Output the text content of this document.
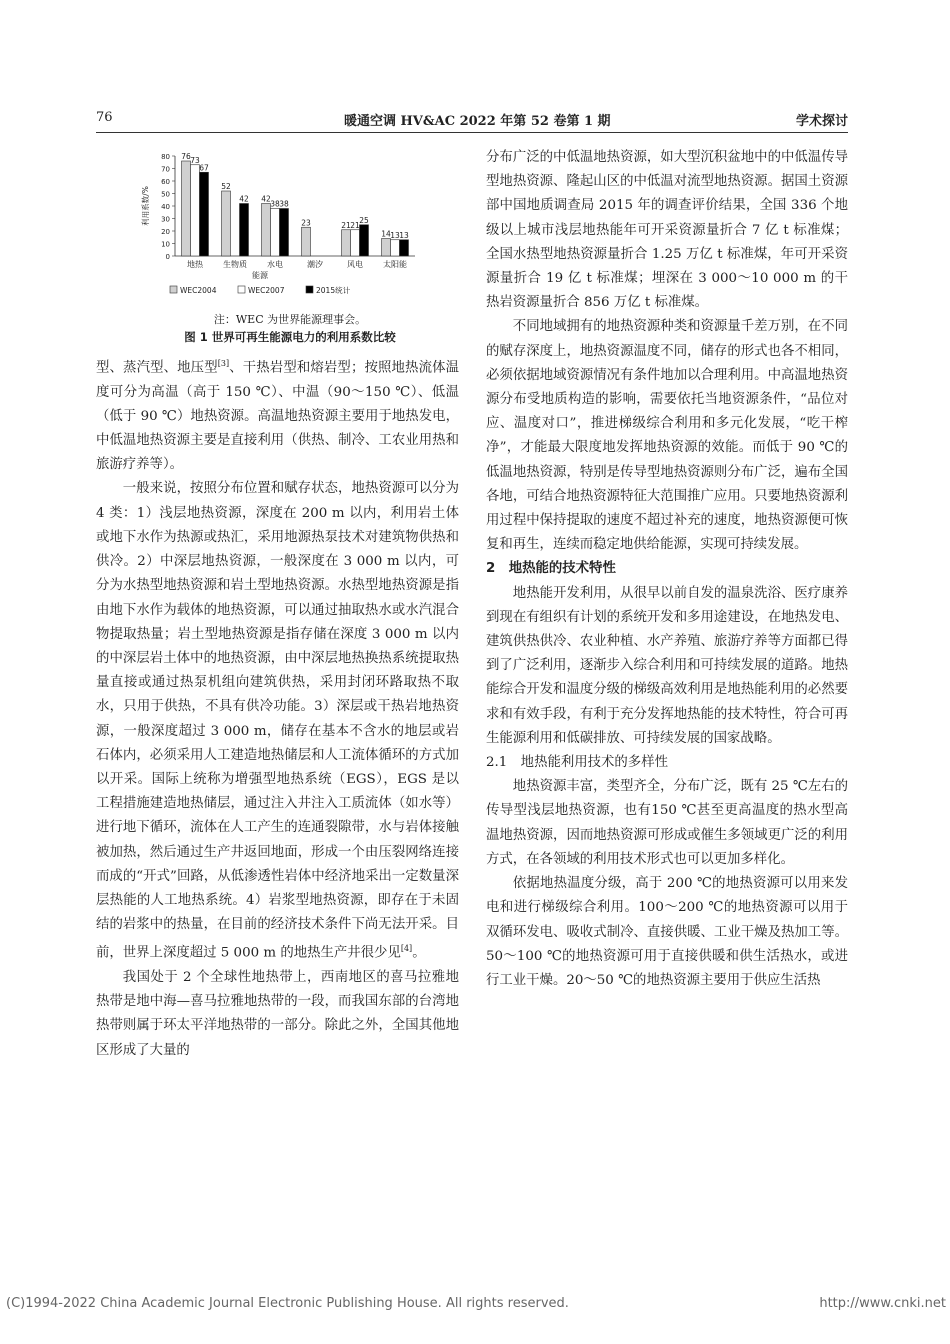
76	暖通空调 HV&AC 2022 年第 52 卷第 1 期	学术探讨
0
10
20
30
40
50
60
70
80
利用系数/%
地热
76 73
67
生物质
52
42
水电
42
38 38
潮汐
23
风电
21 21
25
太阳能
14 13 13
能源
WEC2004	WEC2007	2015统计
注：WEC 为世界能源理事会。
图 1 世界可再生能源电力的利用系数比较

型、蒸汽型、地压型[3]、干热岩型和熔岩型；按照地热流体温度可分为高温（高于 150 ℃）、中温（90～150 ℃）、低温（低于 90 ℃）地热资源。高温地热资源主要用于地热发电，中低温地热资源主要是直接利用（供热、制冷、工农业用热和旅游疗养等）。

一般来说，按照分布位置和赋存状态，地热资源可以分为 4 类：1）浅层地热资源，深度在 200 m 以内，利用岩土体或地下水作为热源或热汇，采用地源热泵技术对建筑物供热和供冷。2）中深层地热资源，一般深度在 3 000 m 以内，可分为水热型地热资源和岩土型地热资源。水热型地热资源是指由地下水作为载体的地热资源，可以通过抽取热水或水汽混合物提取热量；岩土型地热资源是指存储在深度 3 000 m 以内的中深层岩土体中的地热资源，由中深层地热换热系统提取热量直接或通过热泵机组向建筑供热，采用封闭环路取热不取水，只用于供热，不具有供冷功能。3）深层或干热岩地热资源，一般深度超过 3 000 m，储存在基本不含水的地层或岩石体内，必须采用人工建造地热储层和人工流体循环的方式加以开采。国际上统称为增强型地热系统（EGS），EGS 是以工程措施建造地热储层，通过注入井注入工质流体（如水等）进行地下循环，流体在人工产生的连通裂隙带，水与岩体接触被加热，然后通过生产井返回地面，形成一个由压裂网络连接而成的“开式”回路，从低渗透性岩体中经济地采出一定数量深层热能的人工地热系统。4）岩浆型地热资源，即存在于未固结的岩浆中的热量，在目前的经济技术条件下尚无法开采。目前，世界上深度超过 5 000 m 的地热生产井很少见[4]。

我国处于 2 个全球性地热带上，西南地区的喜马拉雅地热带是地中海—喜马拉雅地热带的一段，而我国东部的台湾地热带则属于环太平洋地热带的一部分。除此之外，全国其他地区形成了大量的

分布广泛的中低温地热资源，如大型沉积盆地中的中低温传导型地热资源、隆起山区的中低温对流型地热资源。据国土资源部中国地质调查局 2015 年的调查评价结果，全国 336 个地级以上城市浅层地热能年可开采资源量折合 7 亿 t 标准煤；全国水热型地热资源量折合 1.25 万亿 t 标准煤，年可开采资源量折合 19 亿 t 标准煤；埋深在 3 000～10 000 m 的干热岩资源量折合 856 万亿 t 标准煤。

不同地域拥有的地热资源种类和资源量千差万别，在不同的赋存深度上，地热资源温度不同，储存的形式也各不相同，必须依据地域资源情况有条件地加以合理利用。中高温地热资源分布受地质构造的影响，需要依托当地资源条件，“品位对应、温度对口”，推进梯级综合利用和多元化发展，“吃干榨净”，才能最大限度地发挥地热资源的效能。而低于 90 ℃的低温地热资源，特别是传导型地热资源则分布广泛，遍布全国各地，可结合地热资源特征大范围推广应用。只要地热资源利用过程中保持提取的速度不超过补充的速度，地热资源便可恢复和再生，连续而稳定地供给能源，实现可持续发展。

2　地热能的技术特性

地热能开发利用，从很早以前自发的温泉洗浴、医疗康养到现在有组织有计划的系统开发和多用途建设，在地热发电、建筑供热供冷、农业种植、水产养殖、旅游疗养等方面都已得到了广泛利用，逐渐步入综合利用和可持续发展的道路。地热能综合开发和温度分级的梯级高效利用是地热能利用的必然要求和有效手段，有利于充分发挥地热能的技术特性，符合可再生能源利用和低碳排放、可持续发展的国家战略。

2.1　地热能利用技术的多样性

地热资源丰富，类型齐全，分布广泛，既有 25 ℃左右的传导型浅层地热资源，也有150 ℃甚至更高温度的热水型高温地热资源，因而地热资源可形成或催生多领域更广泛的利用方式，在各领域的利用技术形式也可以更加多样化。

依据地热温度分级，高于 200 ℃的地热资源可以用来发电和进行梯级综合利用。100～200 ℃的地热资源可以用于双循环发电、吸收式制冷、直接供暖、工业干燥及热加工等。50～100 ℃的地热资源可用于直接供暖和供生活热水，或进行工业干燥。20～50 ℃的地热资源主要用于供应生活热

(C)1994-2022 China Academic Journal Electronic Publishing House. All rights reserved.	http://www.cnki.net
